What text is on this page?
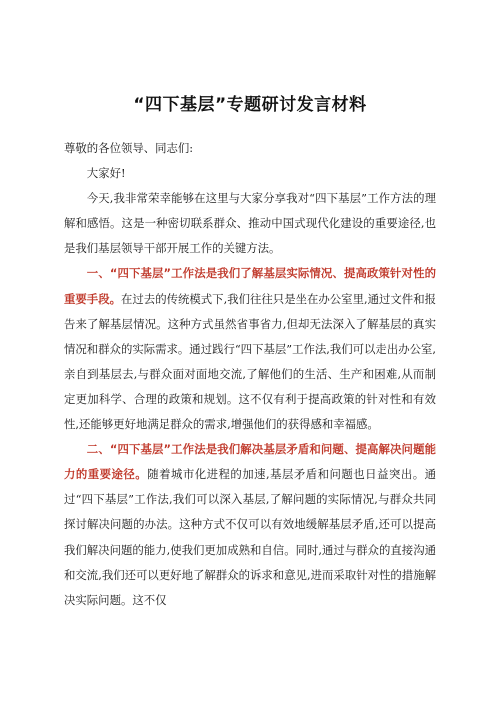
“四下基层”专题研讨发言材料

尊敬的各位领导、同志们:

大家好!

今天,我非常荣幸能够在这里与大家分享我对“四下基层”工作方法的理解和感悟。这是一种密切联系群众、推动中国式现代化建设的重要途径,也是我们基层领导干部开展工作的关键方法。

一、“四下基层”工作法是我们了解基层实际情况、提高政策针对性的重要手段。在过去的传统模式下,我们往往只是坐在办公室里,通过文件和报告来了解基层情况。这种方式虽然省事省力,但却无法深入了解基层的真实情况和群众的实际需求。通过践行“四下基层”工作法,我们可以走出办公室,亲自到基层去,与群众面对面地交流,了解他们的生活、生产和困难,从而制定更加科学、合理的政策和规划。这不仅有利于提高政策的针对性和有效性,还能够更好地满足群众的需求,增强他们的获得感和幸福感。

二、“四下基层”工作法是我们解决基层矛盾和问题、提高解决问题能力的重要途径。随着城市化进程的加速,基层矛盾和问题也日益突出。通过“四下基层”工作法,我们可以深入基层,了解问题的实际情况,与群众共同探讨解决问题的办法。这种方式不仅可以有效地缓解基层矛盾,还可以提高我们解决问题的能力,使我们更加成熟和自信。同时,通过与群众的直接沟通和交流,我们还可以更好地了解群众的诉求和意见,进而采取针对性的措施解决实际问题。这不仅
